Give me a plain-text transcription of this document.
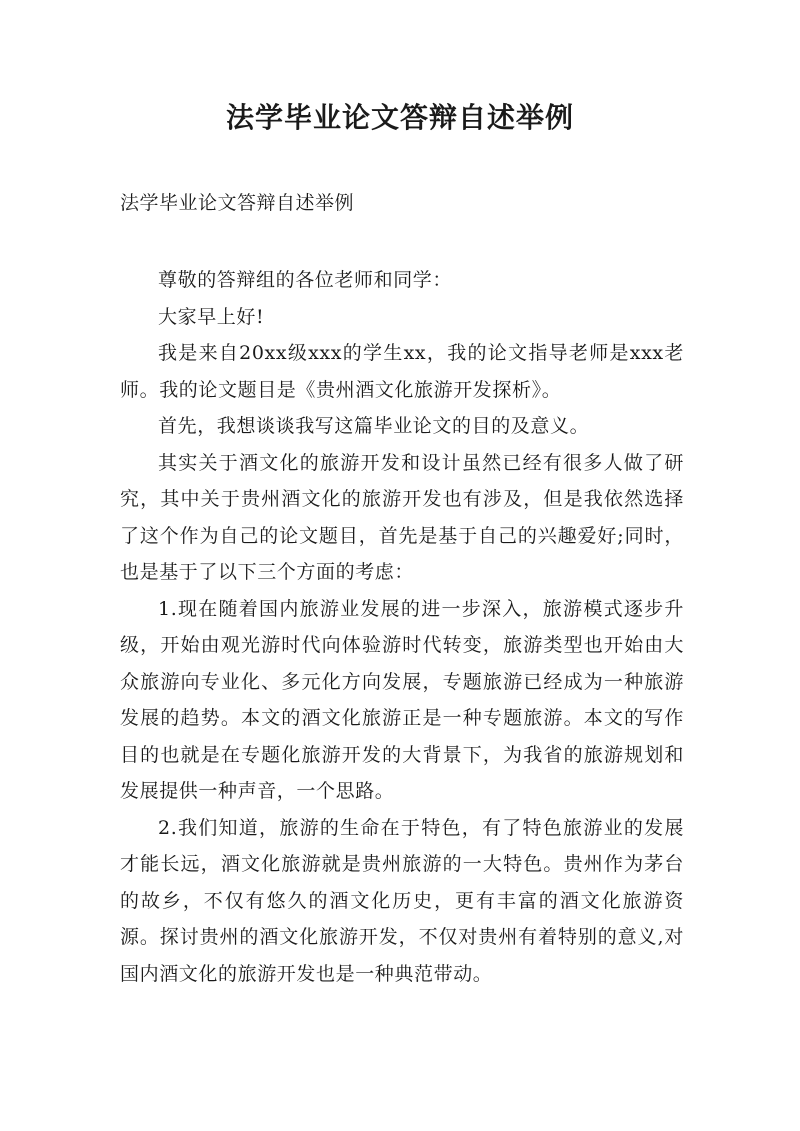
法学毕业论文答辩自述举例

法学毕业论文答辩自述举例

尊敬的答辩组的各位老师和同学：

大家早上好!

我是来自20xx级xxx的学生xx，我的论文指导老师是xxx老师。我的论文题目是《贵州酒文化旅游开发探析》。

首先，我想谈谈我写这篇毕业论文的目的及意义。

其实关于酒文化的旅游开发和设计虽然已经有很多人做了研究，其中关于贵州酒文化的旅游开发也有涉及，但是我依然选择了这个作为自己的论文题目，首先是基于自己的兴趣爱好;同时，也是基于了以下三个方面的考虑：

1.现在随着国内旅游业发展的进一步深入，旅游模式逐步升级，开始由观光游时代向体验游时代转变，旅游类型也开始由大众旅游向专业化、多元化方向发展，专题旅游已经成为一种旅游发展的趋势。本文的酒文化旅游正是一种专题旅游。本文的写作目的也就是在专题化旅游开发的大背景下，为我省的旅游规划和发展提供一种声音，一个思路。

2.我们知道，旅游的生命在于特色，有了特色旅游业的发展才能长远，酒文化旅游就是贵州旅游的一大特色。贵州作为茅台的故乡，不仅有悠久的酒文化历史，更有丰富的酒文化旅游资源。探讨贵州的酒文化旅游开发，不仅对贵州有着特别的意义,对国内酒文化的旅游开发也是一种典范带动。
